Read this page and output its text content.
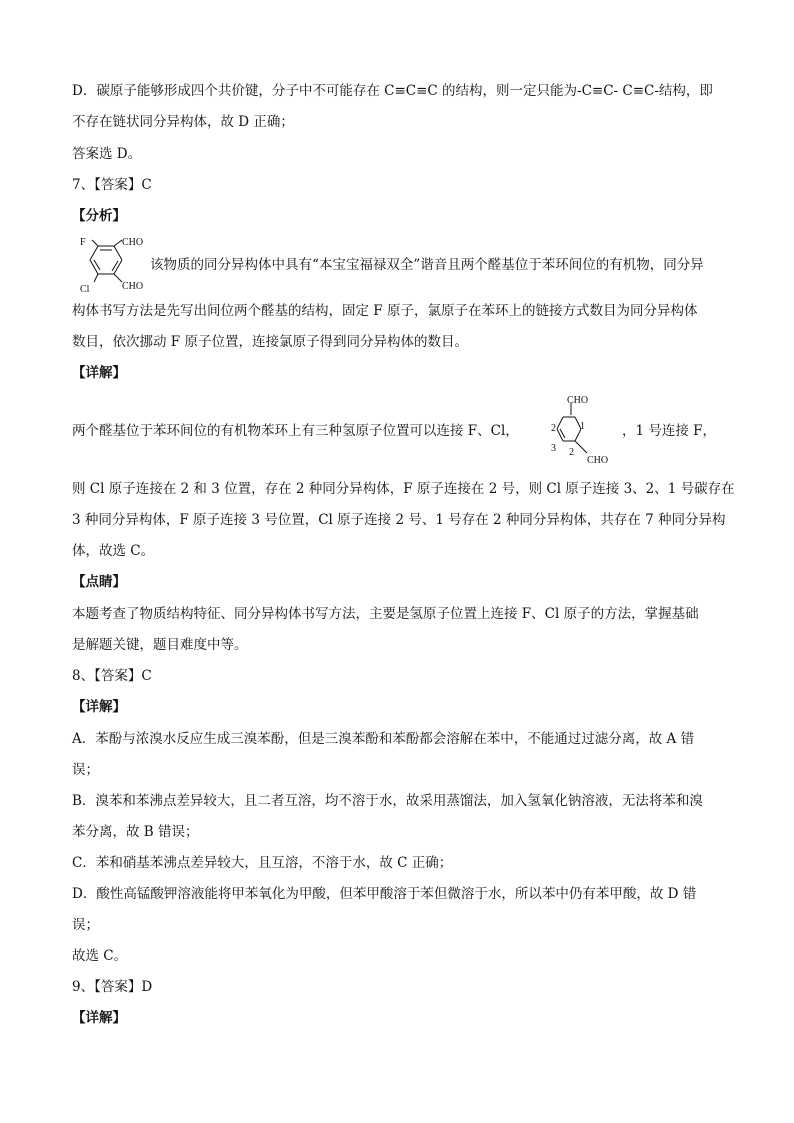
D．碳原子能够形成四个共价键，分子中不可能存在 C≡C≡C 的结构，则一定只能为-C≡C- C≡C-结构，即
不存在链状同分异构体，故 D 正确；
答案选 D。
7、【答案】C
【分析】
F	CHO
Cl	CHO
该物质的同分异构体中具有“本宝宝福禄双全”谐音且两个醛基位于苯环间位的有机物，同分异
构体书写方法是先写出间位两个醛基的结构，固定 F 原子，氯原子在苯环上的链接方式数目为同分异构体
数目，依次挪动 F 原子位置，连接氯原子得到同分异构体的数目。
【详解】
CHO
2 1
3 2
CHO
两个醛基位于苯环间位的有机物苯环上有三种氢原子位置可以连接 F、Cl，	，1 号连接 F，
则 Cl 原子连接在 2 和 3 位置，存在 2 种同分异构体，F 原子连接在 2 号，则 Cl 原子连接 3、2、1 号碳存在
3 种同分异构体，F 原子连接 3 号位置，Cl 原子连接 2 号、1 号存在 2 种同分异构体，共存在 7 种同分异构
体，故选 C。
【点睛】
本题考查了物质结构特征、同分异构体书写方法，主要是氢原子位置上连接 F、Cl 原子的方法，掌握基础
是解题关键，题目难度中等。
8、【答案】C
【详解】
A．苯酚与浓溴水反应生成三溴苯酚，但是三溴苯酚和苯酚都会溶解在苯中，不能通过过滤分离，故 A 错
误；
B．溴苯和苯沸点差异较大，且二者互溶，均不溶于水，故采用蒸馏法，加入氢氧化钠溶液，无法将苯和溴
苯分离，故 B 错误；
C．苯和硝基苯沸点差异较大，且互溶，不溶于水，故 C 正确；
D．酸性高锰酸钾溶液能将甲苯氧化为甲酸，但苯甲酸溶于苯但微溶于水，所以苯中仍有苯甲酸，故 D 错
误；
故选 C。
9、【答案】D
【详解】
